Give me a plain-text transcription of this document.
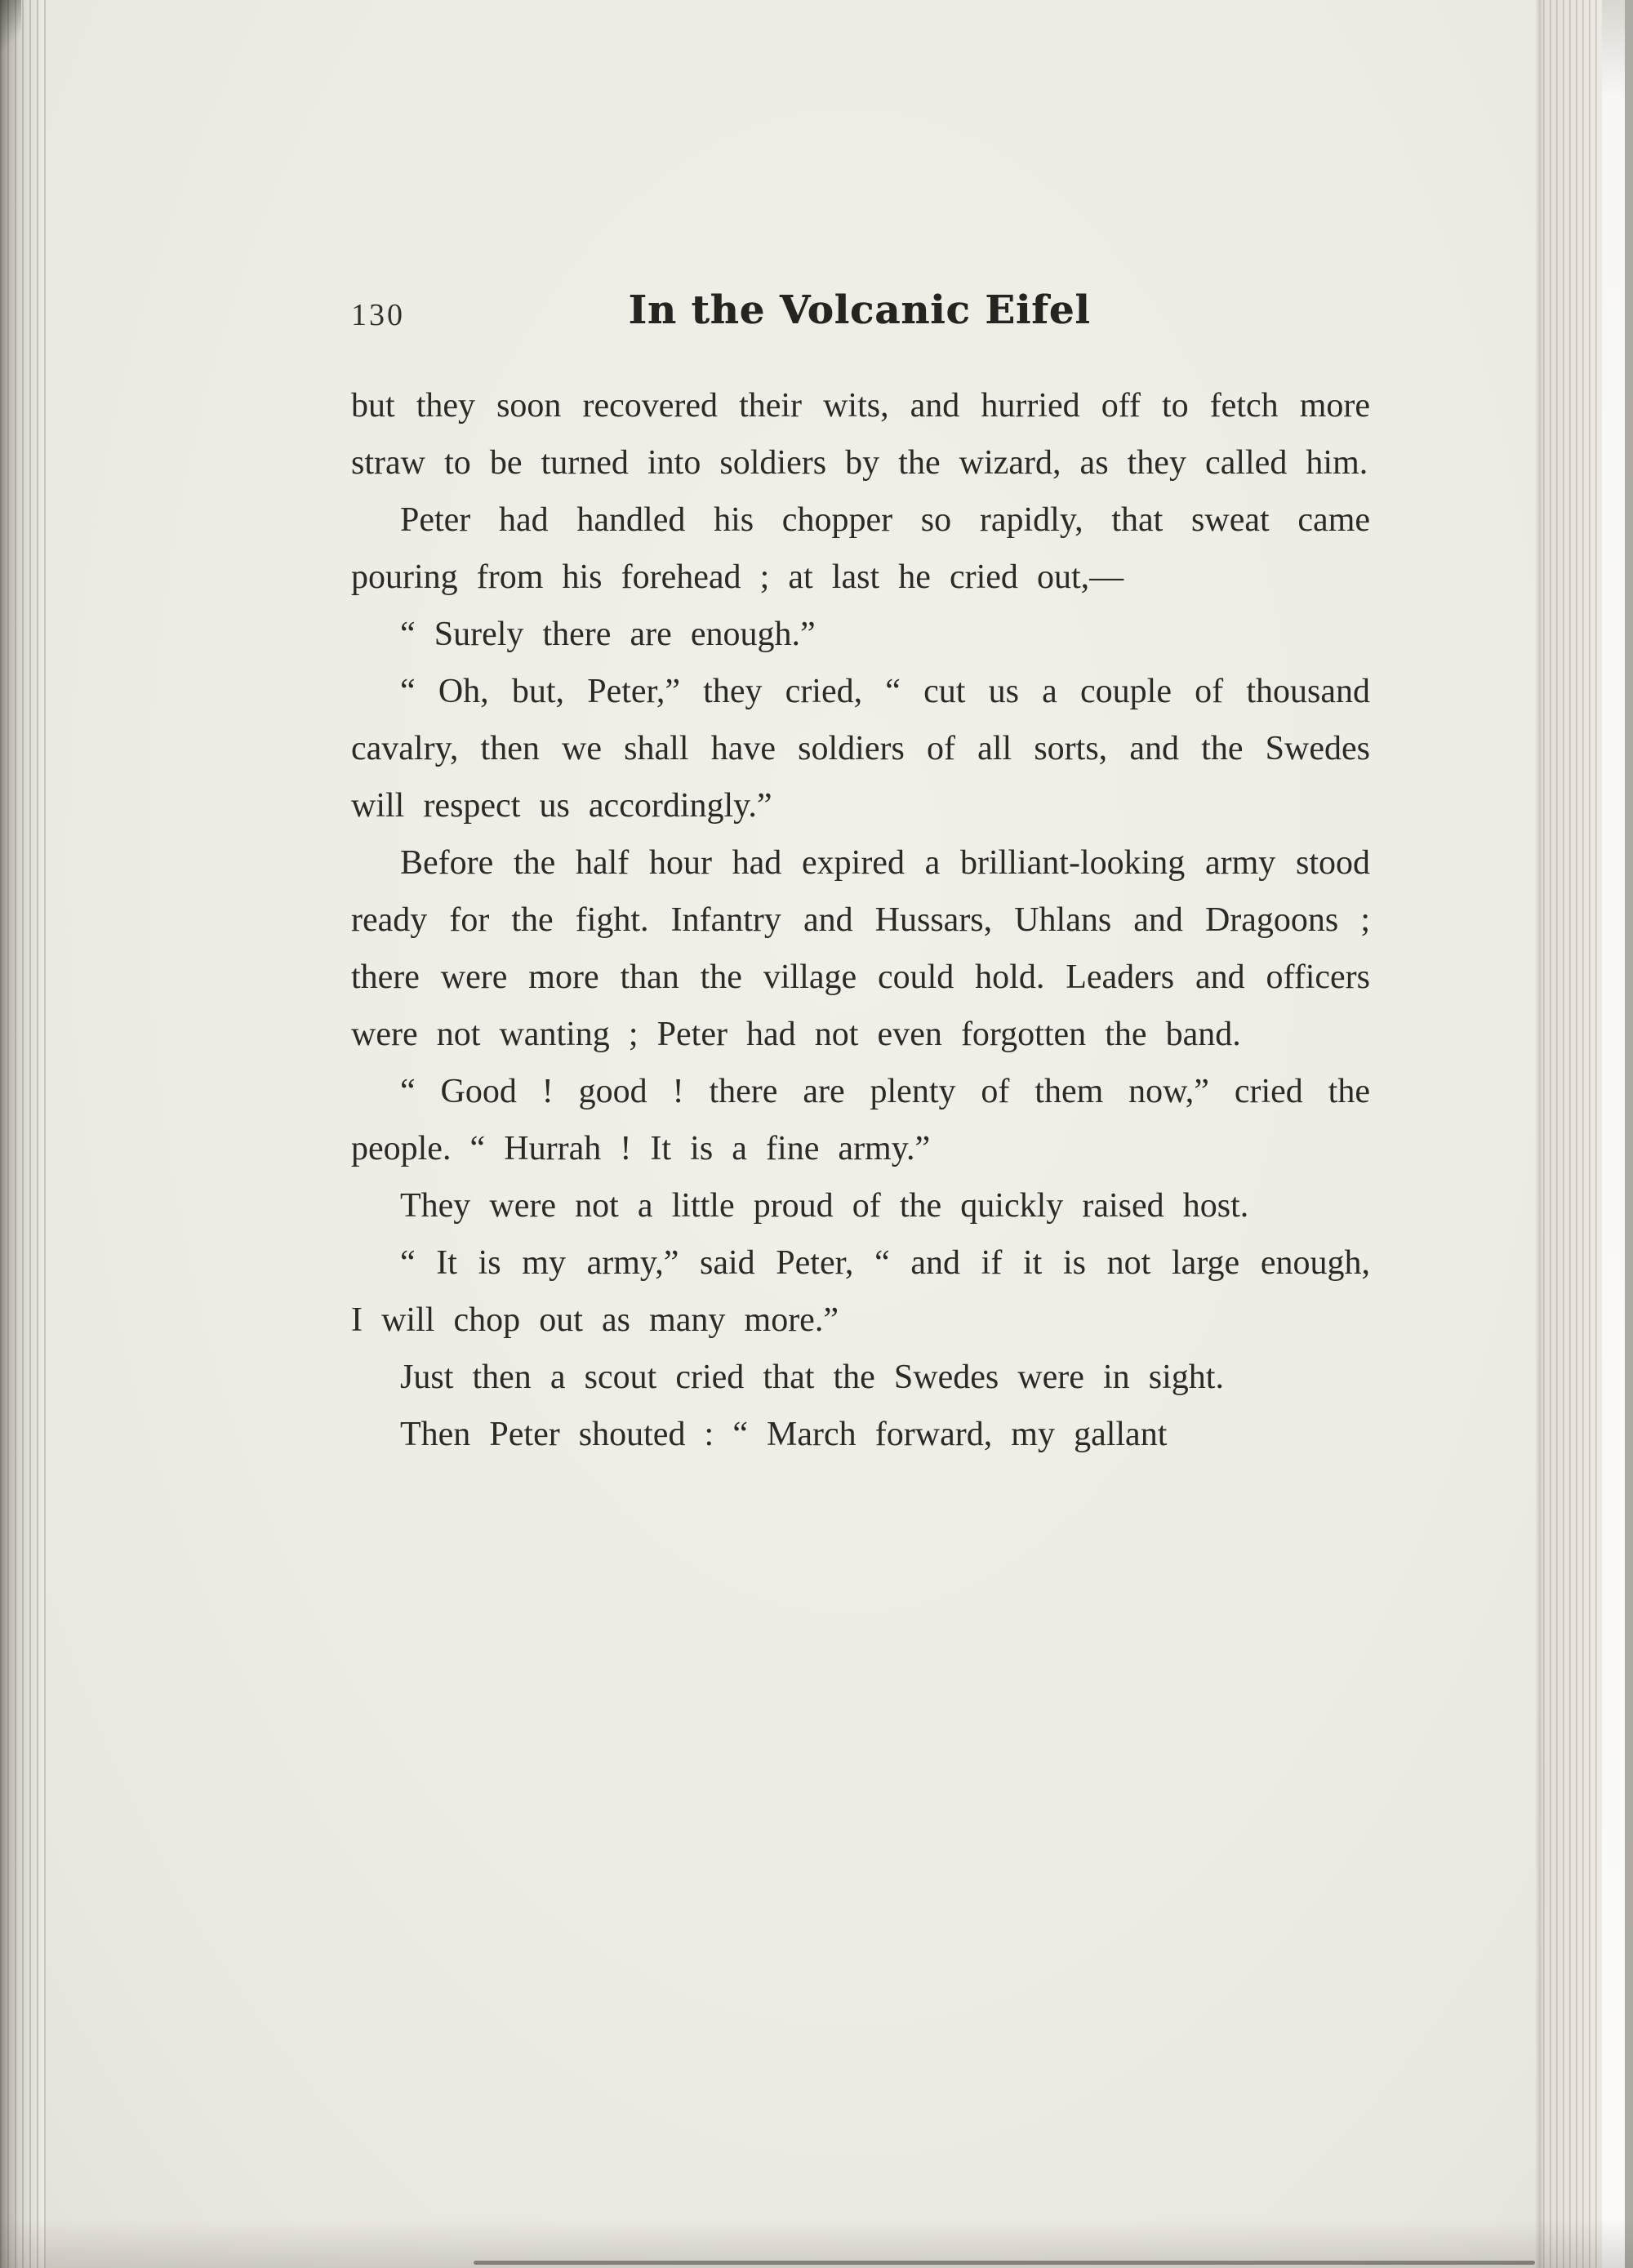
130	In the Volcanic Eifel

but they soon recovered their wits, and hurried off to fetch more straw to be turned into soldiers by the wizard, as they called him.

Peter had handled his chopper so rapidly, that sweat came pouring from his forehead ; at last he cried out,—

“ Surely there are enough.”

“ Oh, but, Peter,” they cried, “ cut us a couple of thousand cavalry, then we shall have soldiers of all sorts, and the Swedes will respect us accordingly.”

Before the half hour had expired a brilliant-looking army stood ready for the fight. Infantry and Hussars, Uhlans and Dragoons ; there were more than the village could hold. Leaders and officers were not wanting ; Peter had not even forgotten the band.

“ Good ! good ! there are plenty of them now,” cried the people. “ Hurrah ! It is a fine army.”

They were not a little proud of the quickly raised host.

“ It is my army,” said Peter, “ and if it is not large enough, I will chop out as many more.”

Just then a scout cried that the Swedes were in sight.

Then Peter shouted : “ March forward, my gallant
